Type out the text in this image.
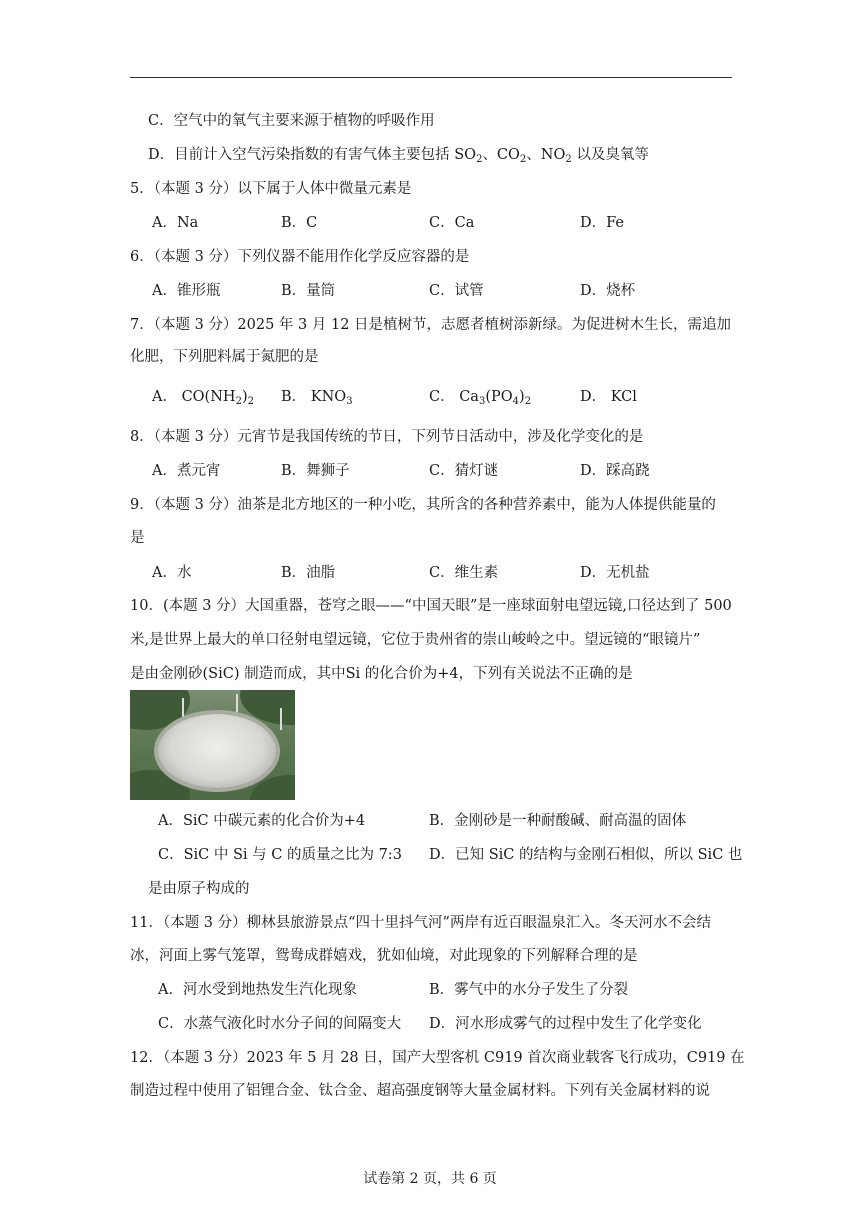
C．空气中的氧气主要来源于植物的呼吸作用
D．目前计入空气污染指数的有害气体主要包括 $SO_2$、$CO_2$、$NO_2$ 以及臭氧等
5．（本题 3 分）以下属于人体中微量元素是
6．（本题 3 分）下列仪器不能用作化学反应容器的是
7．（本题 3 分）2025 年 3 月 12 日是植树节，志愿者植树添新绿。为促进树木生长，需追加
化肥，下列肥料属于氮肥的是
8．（本题 3 分）元宵节是我国传统的节日，下列节日活动中，涉及化学变化的是
9．（本题 3 分）油茶是北方地区的一种小吃，其所含的各种营养素中，能为人体提供能量的
是
10．(本题 3 分）大国重器，苍穹之眼——“中国天眼”是一座球面射电望远镜,口径达到了 500
米,是世界上最大的单口径射电望远镜，它位于贵州省的崇山峻岭之中。望远镜的“眼镜片”
是由金刚砂(SiC) 制造而成，其中Si 的化合价为+4，下列有关说法不正确的是
是由原子构成的
11．（本题 3 分）柳林县旅游景点“四十里抖气河”两岸有近百眼温泉汇入。冬天河水不会结
冰，河面上雾气笼罩，鸳鸯成群嬉戏，犹如仙境，对此现象的下列解释合理的是
12．（本题 3 分）2023 年 5 月 28 日，国产大型客机 C919 首次商业载客飞行成功，C919 在
制造过程中使用了铝锂合金、钛合金、超高强度钢等大量金属材料。下列有关金属材料的说
A．Na	B．C	C．Ca	D．Fe
A．锥形瓶	B．量筒	C．试管	D．烧杯
A． $CO(NH_2)_2$ B． $KNO_3$	C． $Ca_3(PO_4)_2$	D． KCl
A．煮元宵	B．舞狮子	C．猜灯谜	D．踩高跷
A．水	B．油脂	C．维生素	D．无机盐
A．SiC 中碳元素的化合价为+4	B．金刚砂是一种耐酸碱、耐高温的固体
C．SiC 中 Si 与 C 的质量之比为 7:3 D．已知 SiC 的结构与金刚石相似，所以 SiC 也
A．河水受到地热发生汽化现象	B．雾气中的水分子发生了分裂
C．水蒸气液化时水分子间的间隔变大 D．河水形成雾气的过程中发生了化学变化
试卷第 2 页，共 6 页
